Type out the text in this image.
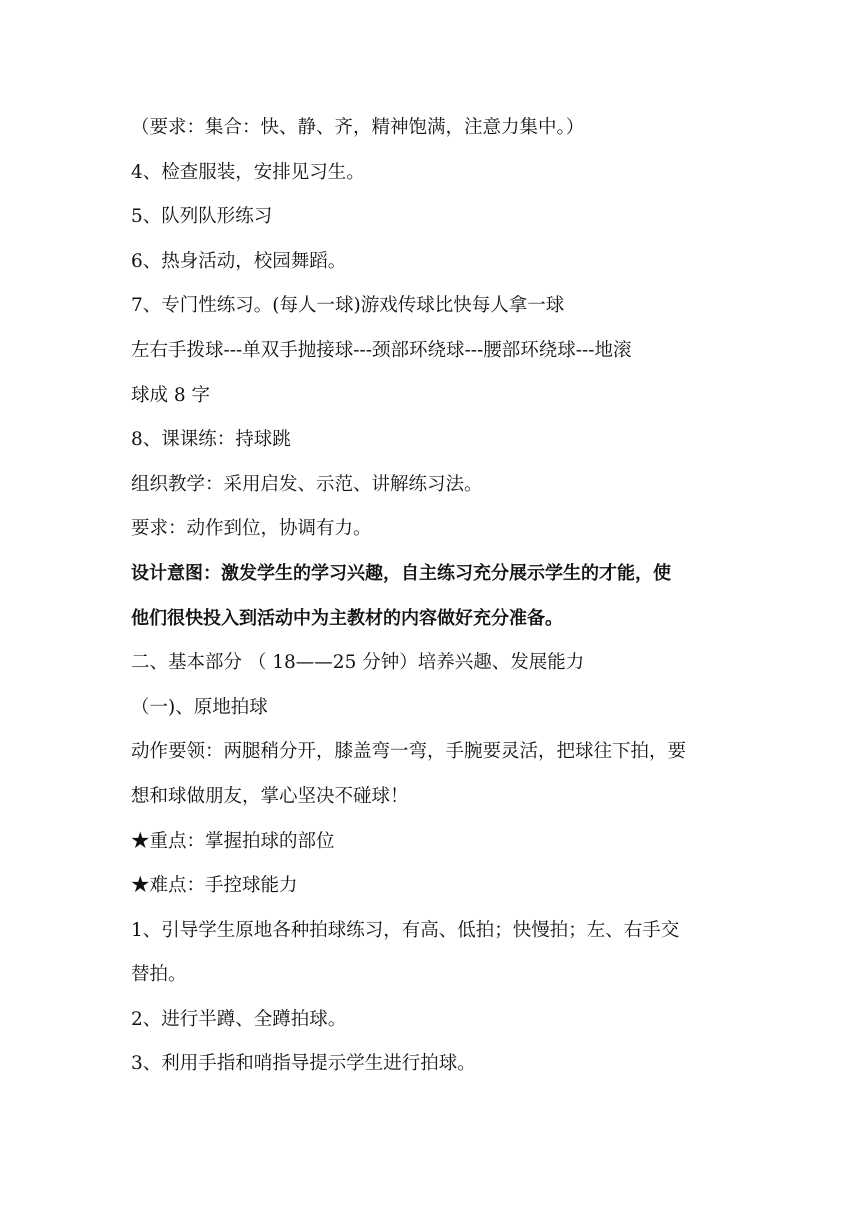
（要求：集合：快、静、齐，精神饱满，注意力集中。）
4、检查服装，安排见习生。
5、队列队形练习
6、热身活动，校园舞蹈。
7、专门性练习。(每人一球)游戏传球比快每人拿一球
左右手拨球---单双手抛接球---颈部环绕球---腰部环绕球---地滚
球成 8 字
8、课课练：持球跳
组织教学：采用启发、示范、讲解练习法。
要求：动作到位，协调有力。
设计意图：激发学生的学习兴趣，自主练习充分展示学生的才能，使
他们很快投入到活动中为主教材的内容做好充分准备。
二、基本部分 （ 18——25 分钟）培养兴趣、发展能力
（一)、原地拍球
动作要领：两腿稍分开，膝盖弯一弯，手腕要灵活，把球往下拍，要
想和球做朋友，掌心坚决不碰球！
★重点：掌握拍球的部位
★难点：手控球能力
1、引导学生原地各种拍球练习，有高、低拍；快慢拍；左、右手交
替拍。
2、进行半蹲、全蹲拍球。
3、利用手指和哨指导提示学生进行拍球。
